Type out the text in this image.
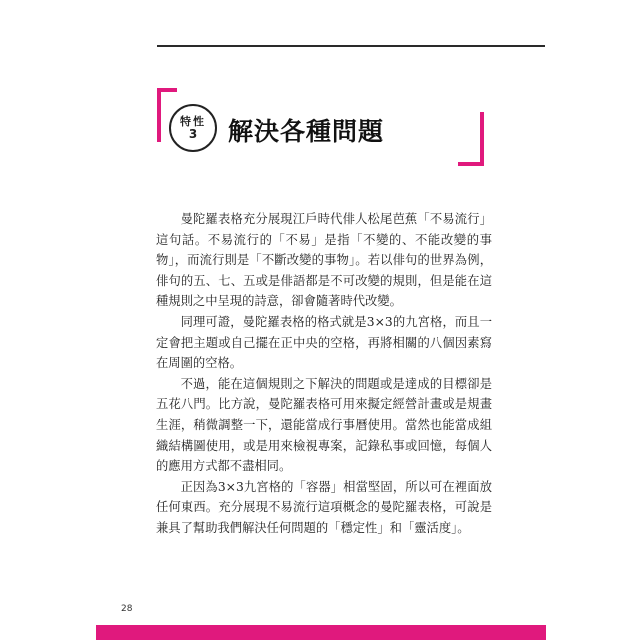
特性
3	解決各種問題

曼陀羅表格充分展現江戶時代俳人松尾芭蕉「不易流行」這句話。不易流行的「不易」是指「不變的、不能改變的事物」，而流行則是「不斷改變的事物」。若以俳句的世界為例，俳句的五、七、五或是俳語都是不可改變的規則，但是能在這種規則之中呈現的詩意，卻會隨著時代改變。

同理可證，曼陀羅表格的格式就是3×3的九宮格，而且一定會把主題或自己擺在正中央的空格，再將相關的八個因素寫在周圍的空格。

不過，能在這個規則之下解決的問題或是達成的目標卻是五花八門。比方說，曼陀羅表格可用來擬定經營計畫或是規畫生涯，稍微調整一下，還能當成行事曆使用。當然也能當成組織結構圖使用，或是用來檢視專案，記錄私事或回憶，每個人的應用方式都不盡相同。

正因為3×3九宮格的「容器」相當堅固，所以可在裡面放任何東西。充分展現不易流行這項概念的曼陀羅表格，可說是兼具了幫助我們解決任何問題的「穩定性」和「靈活度」。

28
